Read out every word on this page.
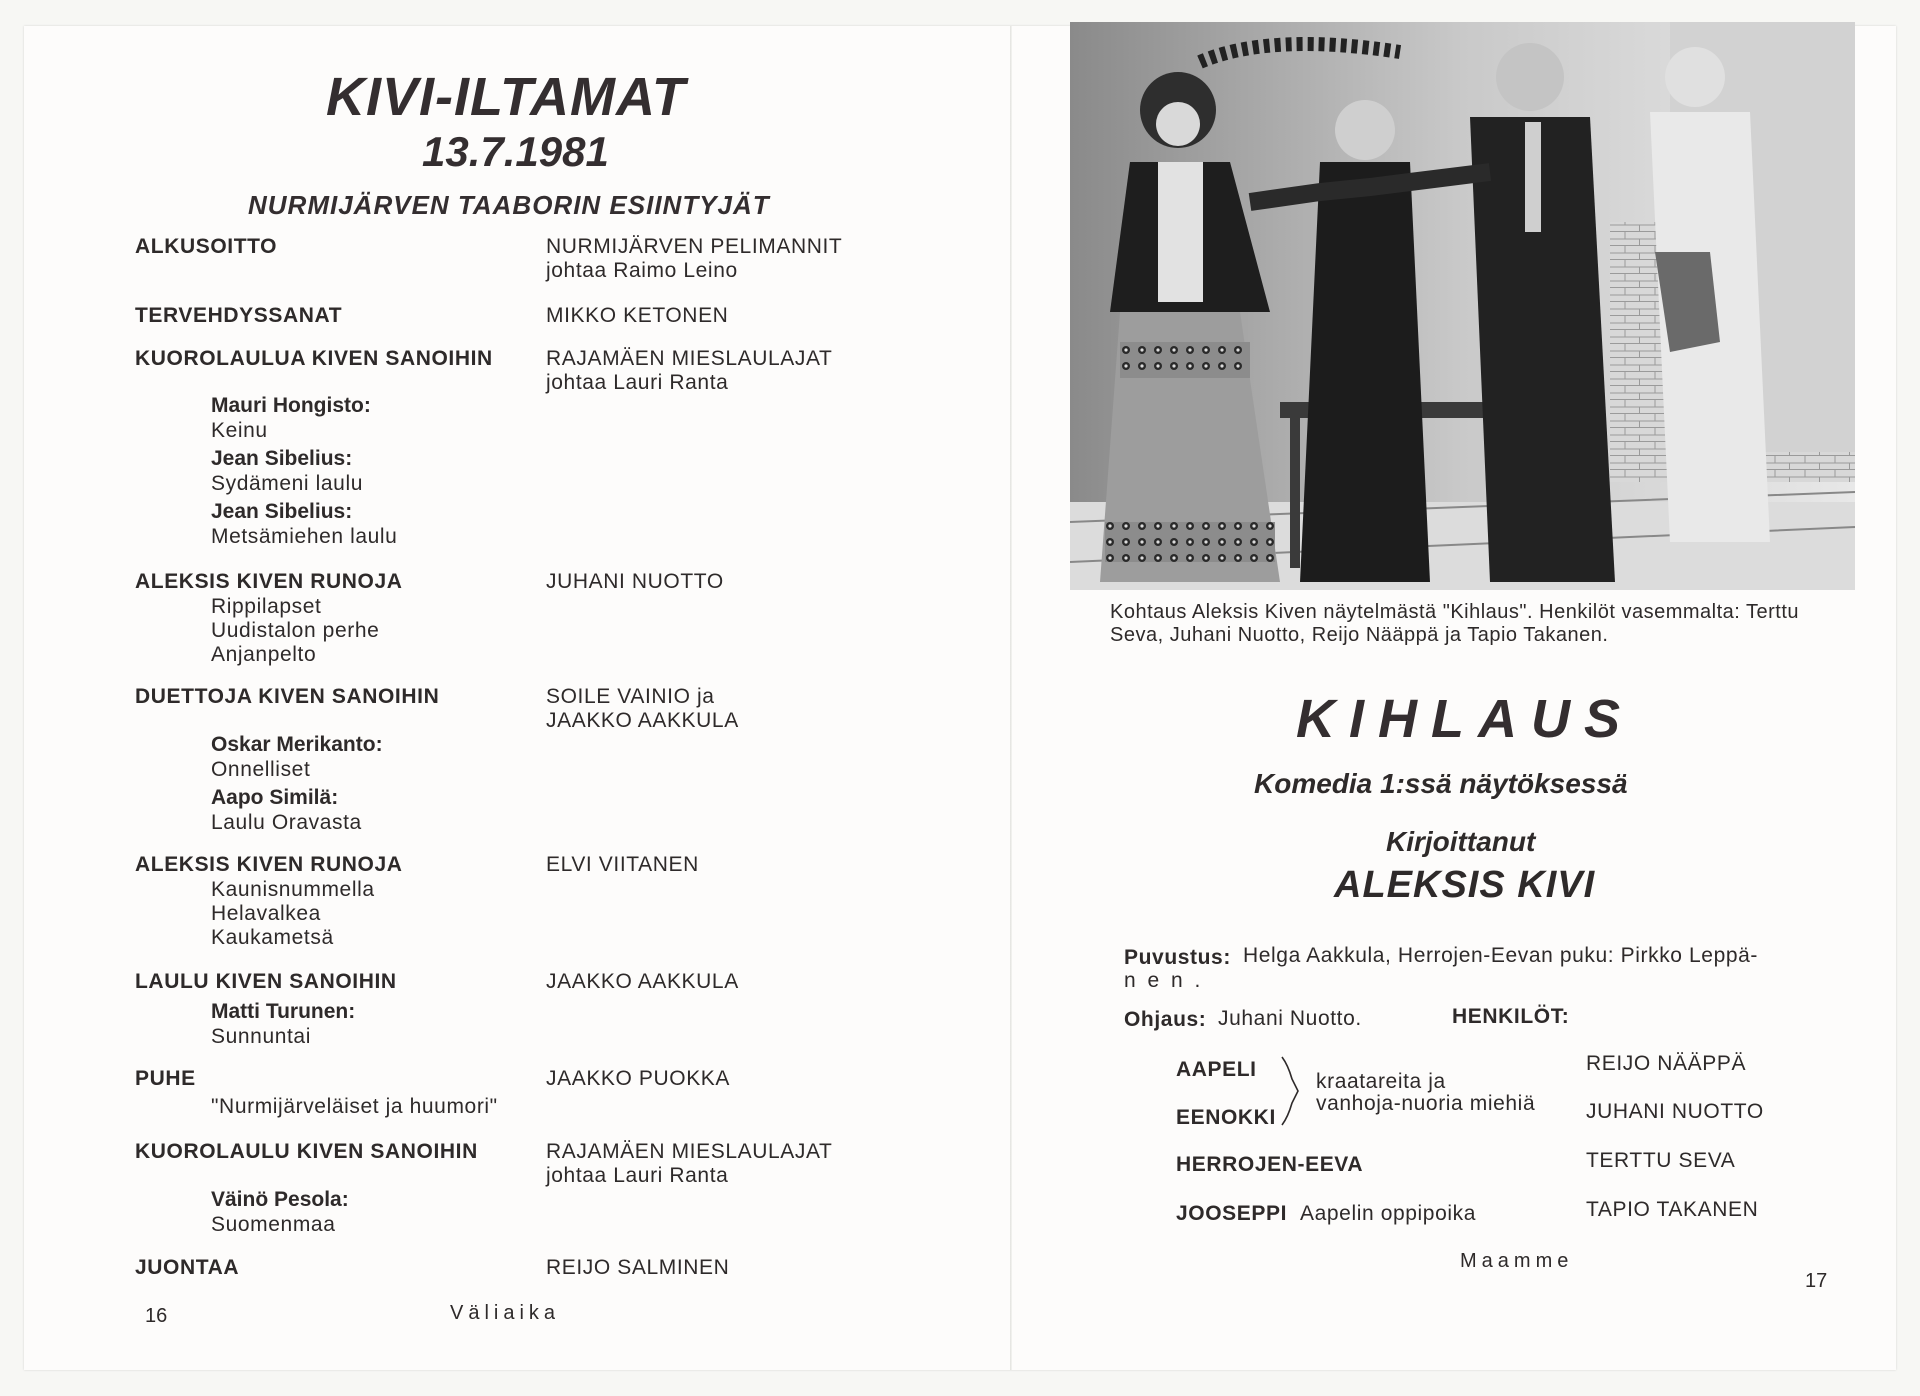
KIVI-ILTAMAT
13.7.1981
NURMIJÄRVEN TAABORIN ESIINTYJÄT
ALKUSOITTO	NURMIJÄRVEN PELIMANNIT
johtaa Raimo Leino
TERVEHDYSSANAT	MIKKO KETONEN
KUOROLAULUA KIVEN SANOIHIN	RAJAMÄEN MIESLAULAJAT
johtaa Lauri Ranta
Mauri Hongisto:
Keinu
Jean Sibelius:
Sydämeni laulu
Jean Sibelius:
Metsämiehen laulu
ALEKSIS KIVEN RUNOJA	JUHANI NUOTTO
Rippilapset
Uudistalon perhe
Anjanpelto
DUETTOJA KIVEN SANOIHIN	SOILE VAINIO ja
JAAKKO AAKKULA
Oskar Merikanto:
Onnelliset
Aapo Similä:
Laulu Oravasta
ALEKSIS KIVEN RUNOJA	ELVI VIITANEN
Kaunisnummella
Helavalkea
Kaukametsä
LAULU KIVEN SANOIHIN	JAAKKO AAKKULA
Matti Turunen:
Sunnuntai
PUHE	JAAKKO PUOKKA
"Nurmijärveläiset ja huumori"
KUOROLAULU KIVEN SANOIHIN	RAJAMÄEN MIESLAULAJAT
johtaa Lauri Ranta
Väinö Pesola:
Suomenmaa
JUONTAA	REIJO SALMINEN
16	Väliaika
Kohtaus Aleksis Kiven näytelmästä "Kihlaus". Henkilöt vasemmalta: Terttu Seva, Juhani Nuotto, Reijo Nääppä ja Tapio Takanen.
KIHLAUS
Komedia 1:ssä näytöksessä
Kirjoittanut
ALEKSIS KIVI
Puvustus: Helga Aakkula, Herrojen-Eevan puku: Pirkko Leppä-
n e n .
Ohjaus: Juhani Nuotto.	HENKILÖT:
AAPELI	REIJO NÄÄPPÄ
EENOKKI	JUHANI NUOTTO
kraatareita ja
vanhoja-nuoria miehiä
HERROJEN-EEVA	TERTTU SEVA
JOOSEPPI Aapelin oppipoika	TAPIO TAKANEN
Maamme
17
